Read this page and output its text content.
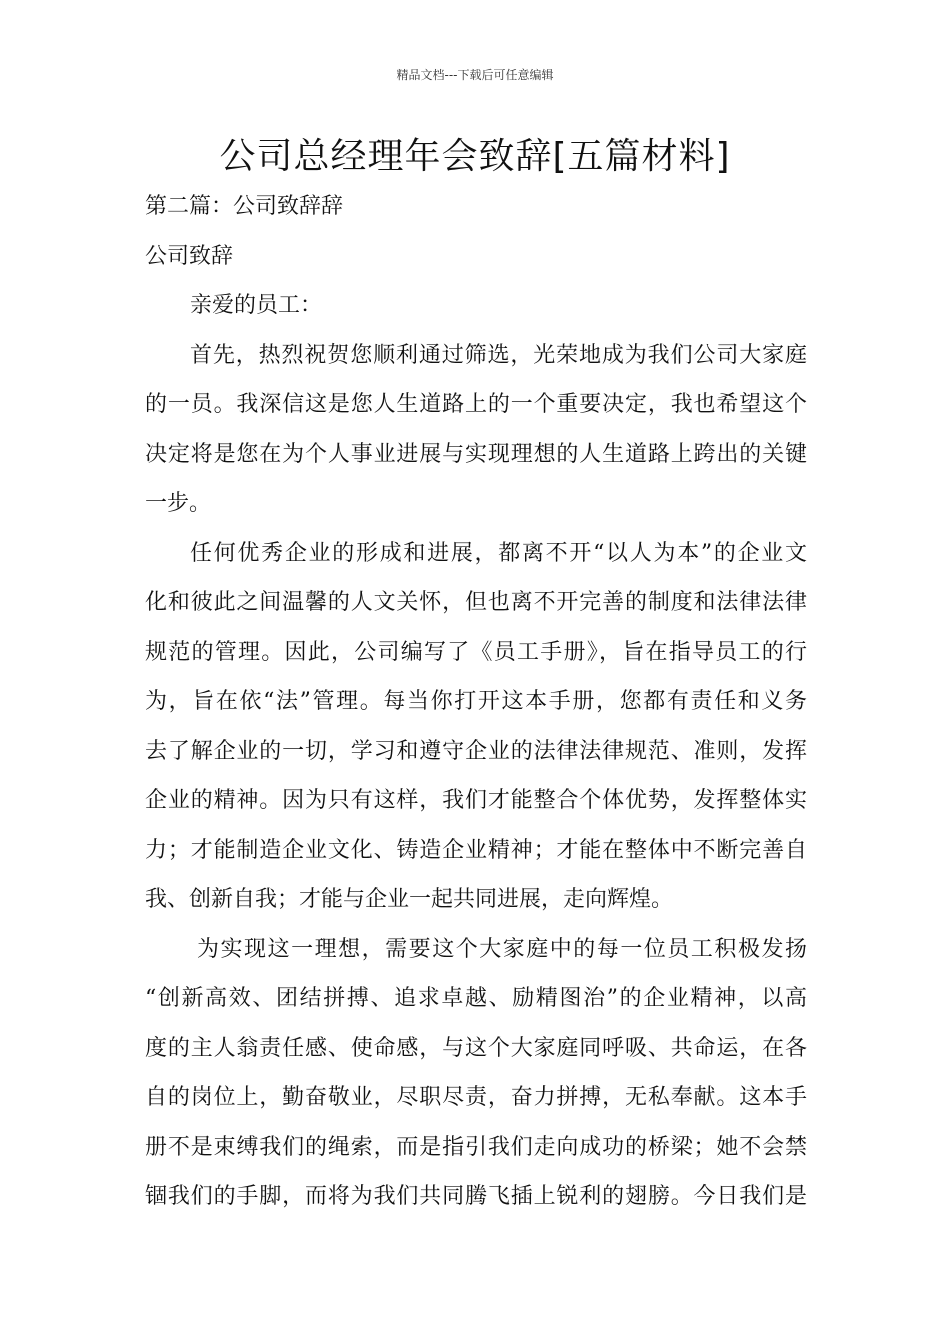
精品文档---下载后可任意编辑
公司总经理年会致辞[五篇材料]
第二篇：公司致辞辞
公司致辞
亲爱的员工：
首先，热烈祝贺您顺利通过筛选，光荣地成为我们公司大家庭
的一员。我深信这是您人生道路上的一个重要决定，我也希望这个
决定将是您在为个人事业进展与实现理想的人生道路上跨出的关键
一步。
任何优秀企业的形成和进展，都离不开“以人为本”的企业文
化和彼此之间温馨的人文关怀，但也离不开完善的制度和法律法律
规范的管理。因此，公司编写了《员工手册》，旨在指导员工的行
为，旨在依“法”管理。每当你打开这本手册，您都有责任和义务
去了解企业的一切，学习和遵守企业的法律法律规范、准则，发挥
企业的精神。因为只有这样，我们才能整合个体优势，发挥整体实
力；才能制造企业文化、铸造企业精神；才能在整体中不断完善自
我、创新自我；才能与企业一起共同进展，走向辉煌。
为实现这一理想，需要这个大家庭中的每一位员工积极发扬
“创新高效、团结拼搏、追求卓越、励精图治”的企业精神，以高
度的主人翁责任感、使命感，与这个大家庭同呼吸、共命运，在各
自的岗位上，勤奋敬业，尽职尽责，奋力拼搏，无私奉献。这本手
册不是束缚我们的绳索，而是指引我们走向成功的桥梁；她不会禁
锢我们的手脚，而将为我们共同腾飞插上锐利的翅膀。今日我们是
